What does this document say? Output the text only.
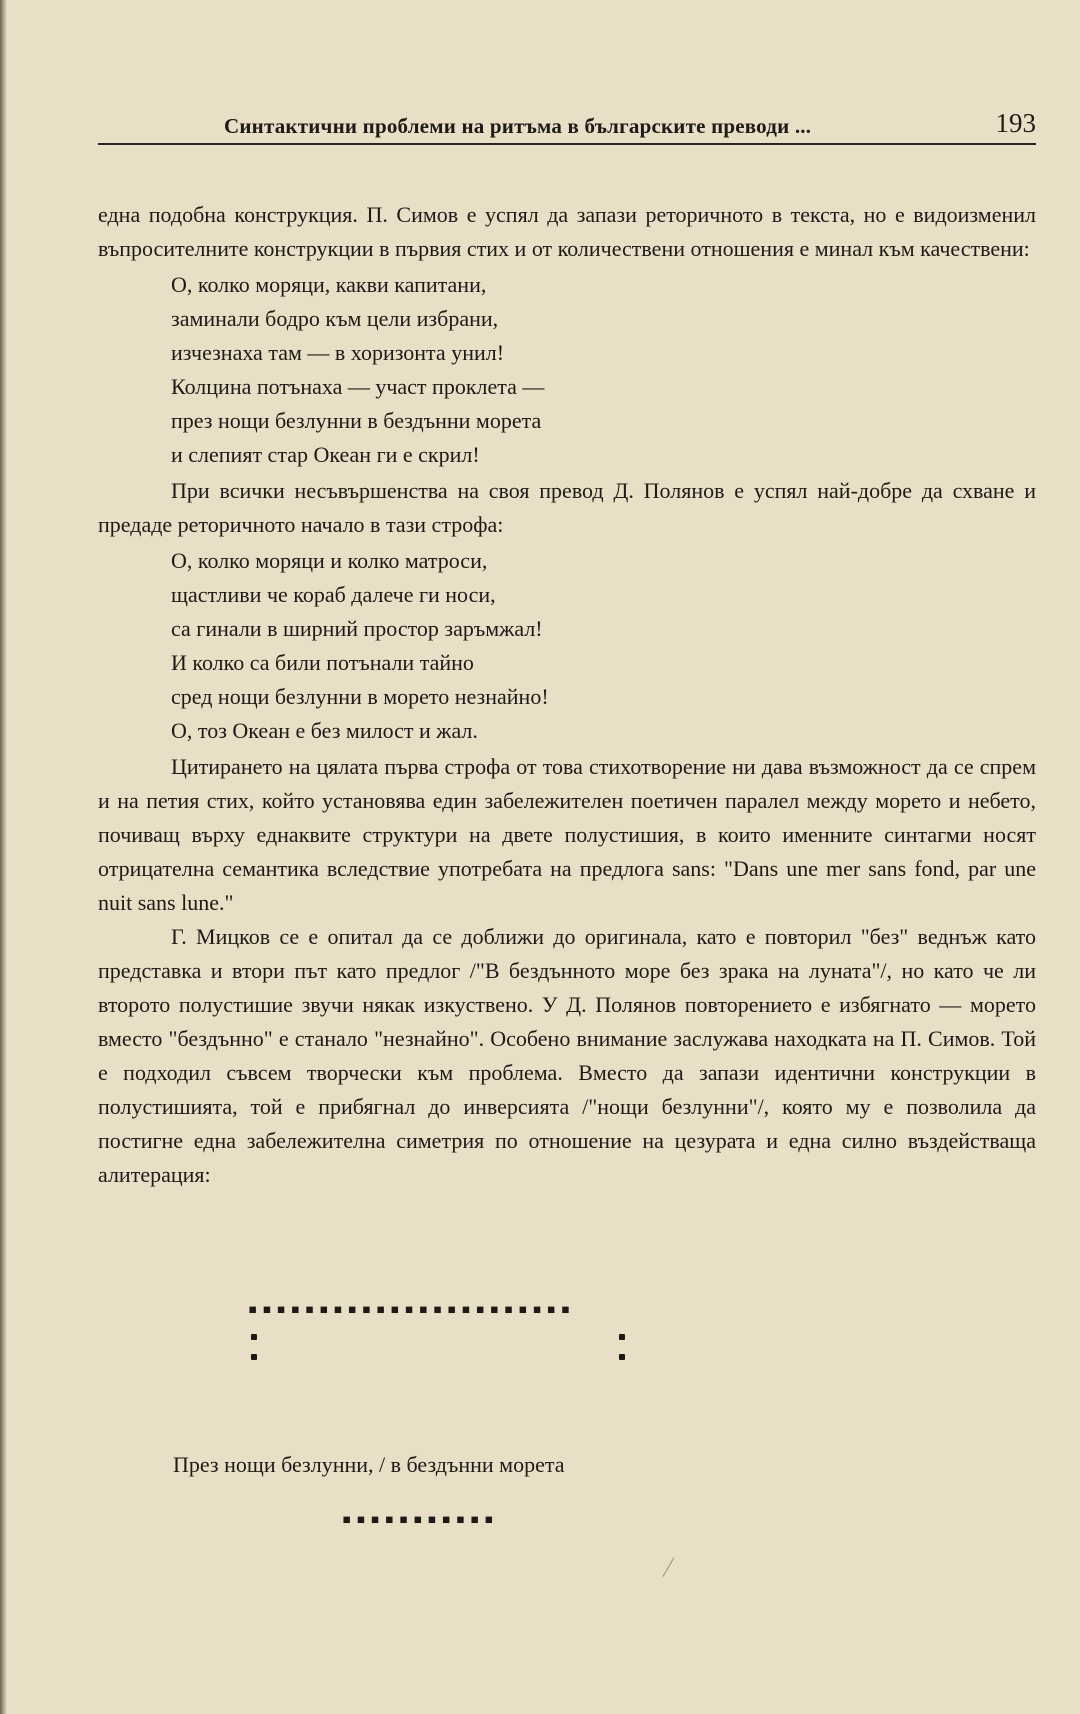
Синтактични проблеми на ритъма в българските преводи ...	193

една подобна конструкция. П. Симов е успял да запази реторичното в текста, но е видоизменил въпросителните конструкции в първия стих и от количествени отношения е минал към качествени:

О, колко моряци, какви капитани,
заминали бодро към цели избрани,
изчезнаха там — в хоризонта унил!
Колцина потънаха — участ проклета —
през нощи безлунни в бездънни морета
и слепият стар Океан ги е скрил!

При всички несъвършенства на своя превод Д. Полянов е успял най-добре да схване и предаде реторичното начало в тази строфа:

О, колко моряци и колко матроси,
щастливи че кораб далече ги носи,
са гинали в ширний простор заръмжал!
И колко са били потънали тайно
сред нощи безлунни в морето незнайно!
О, тоз Океан е без милост и жал.

Цитирането на цялата първа строфа от това стихотворение ни дава възможност да се спрем и на петия стих, който установява един забележителен поетичен паралел между морето и небето, почиващ върху еднаквите структури на двете полустишия, в които именните синтагми носят отрицателна семантика вследствие употребата на предлога sans: "Dans une mer sans fond, par une nuit sans lune."

Г. Мицков се е опитал да се доближи до оригинала, като е повторил "без" веднъж като представка и втори път като предлог /"В бездънното море без зрака на луната"/, но като че ли второто полустишие звучи някак изкуствено. У Д. Полянов повторението е избягнато — морето вместо "бездънно" е станало "незнайно". Особено внимание заслужава находката на П. Симов. Той е подходил съвсем творчески към проблема. Вместо да запази идентични конструкции в полустишията, той е прибягнал до инверсията /"нощи безлунни"/, която му е позволила да постигне една забележителна симетрия по отношение на цезурата и една силно въздействаща алитерация:

▪▪▪▪▪▪▪▪▪▪▪▪▪▪▪▪▪▪▪▪▪▪▪
През нощи безлунни, / в бездънни морета
▪▪▪▪▪▪▪▪▪▪▪
